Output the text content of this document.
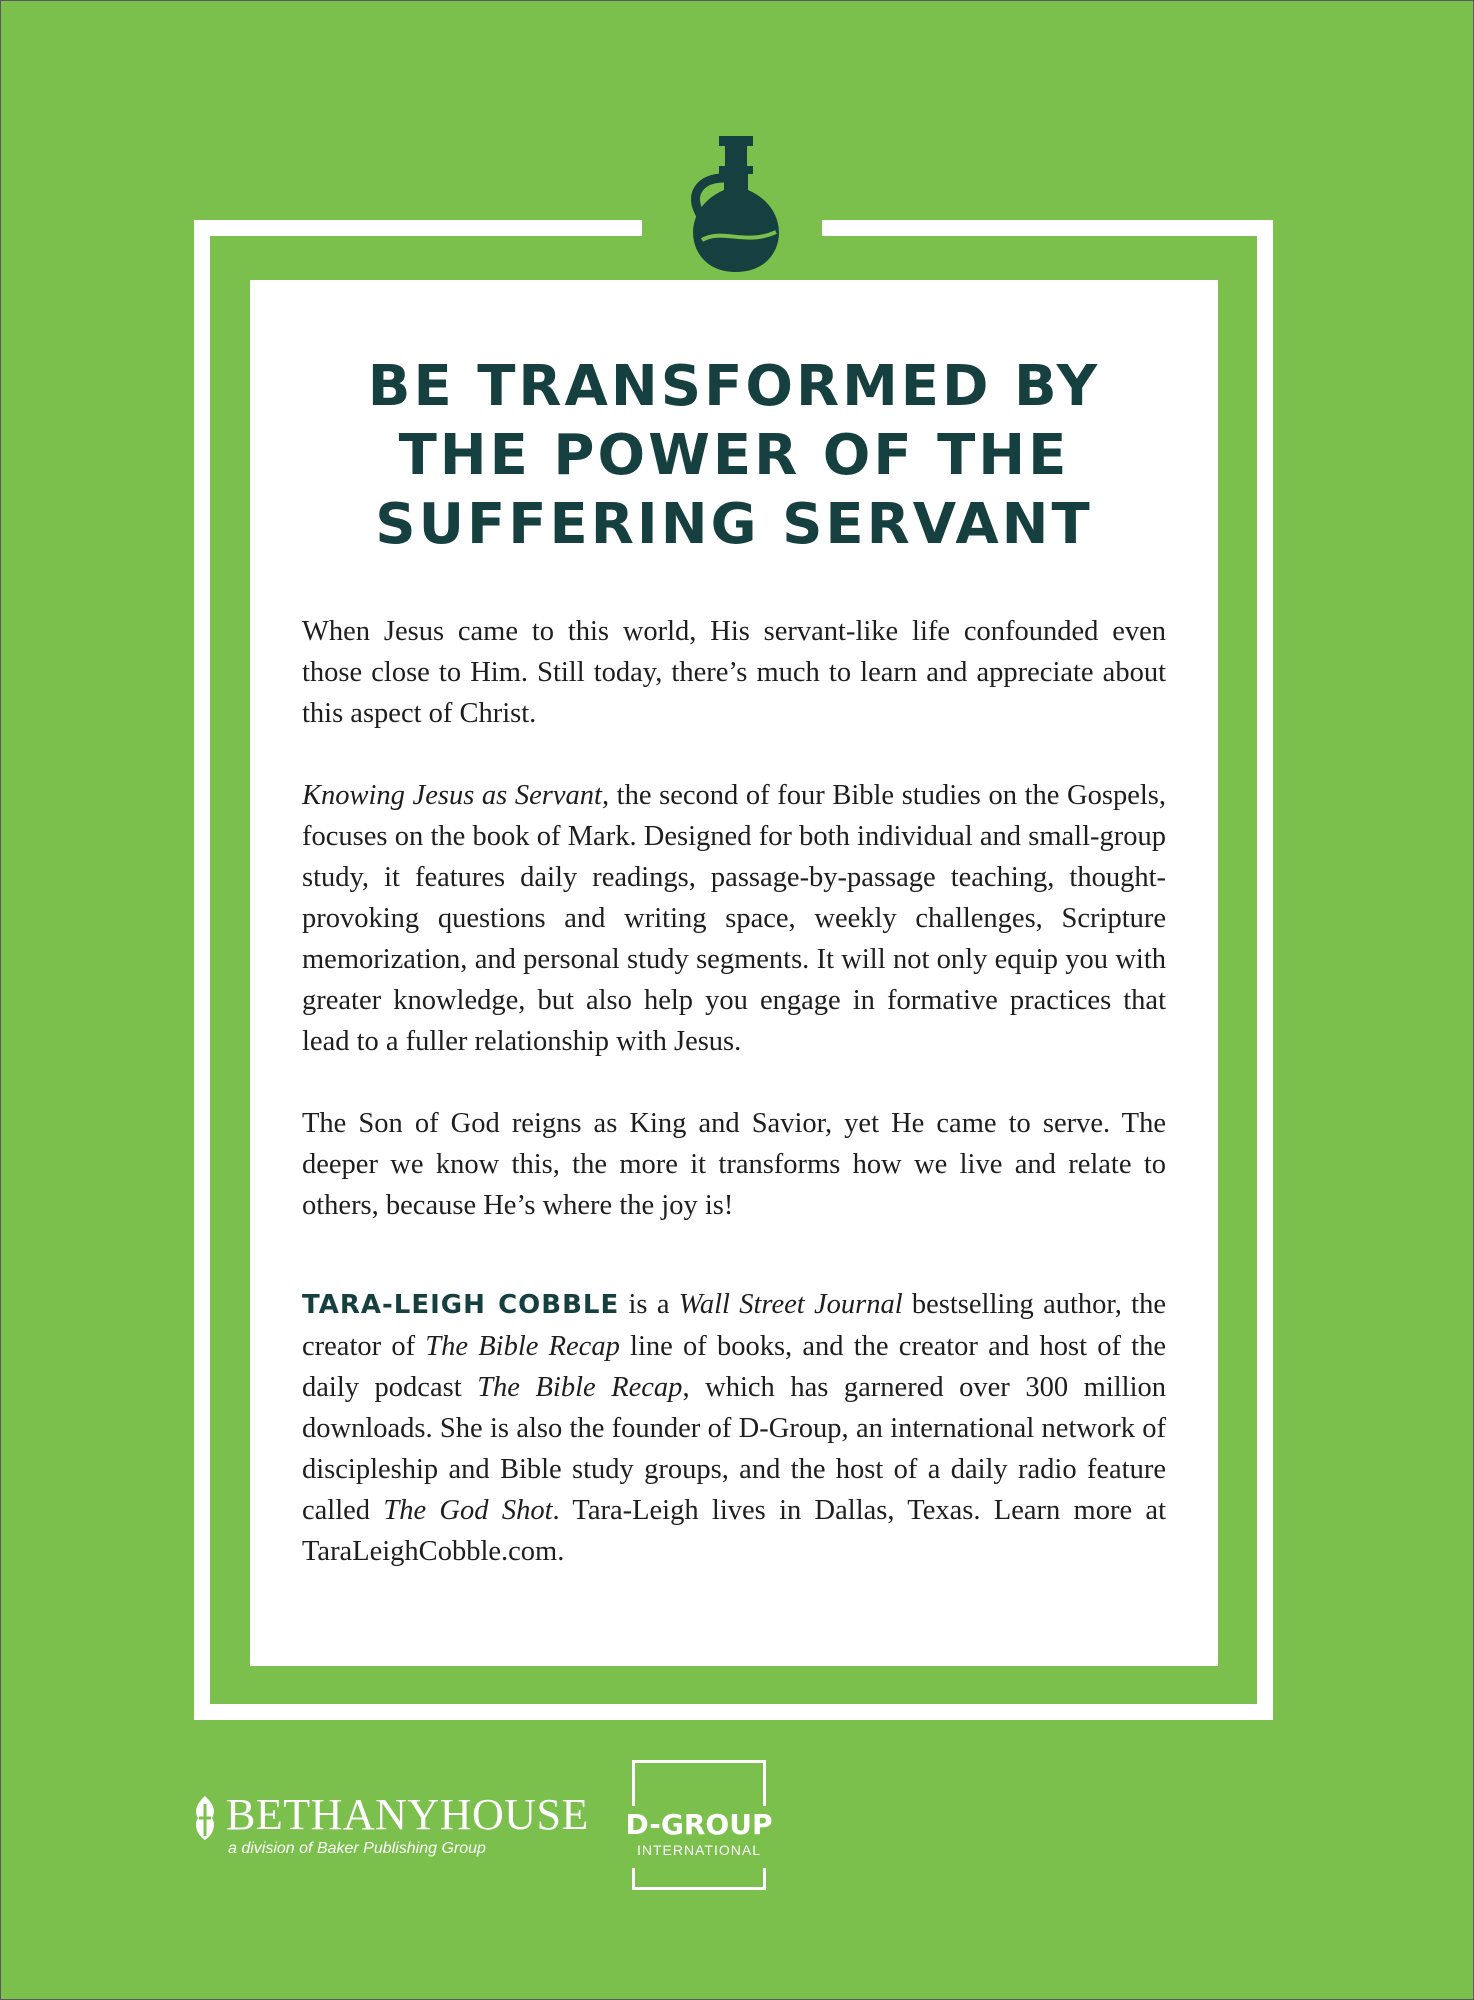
BE TRANSFORMED BY
THE POWER OF THE
SUFFERING SERVANT

When Jesus came to this world, His servant-like life confounded even those close to Him. Still today, there’s much to learn and appreciate about this aspect of Christ.

Knowing Jesus as Servant, the second of four Bible studies on the Gospels, focuses on the book of Mark. Designed for both individual and small-group study, it features daily readings, passage-by-passage teaching, thought-provoking questions and writing space, weekly challenges, Scripture memorization, and personal study segments. It will not only equip you with greater knowledge, but also help you engage in formative practices that lead to a fuller relationship with Jesus.

The Son of God reigns as King and Savior, yet He came to serve. The deeper we know this, the more it transforms how we live and relate to others, because He’s where the joy is!

TARA-LEIGH COBBLE is a Wall Street Journal bestselling author, the creator of The Bible Recap line of books, and the creator and host of the daily podcast The Bible Recap, which has garnered over 300 million downloads. She is also the founder of D-Group, an international network of discipleship and Bible study groups, and the host of a daily radio feature called The God Shot. Tara-Leigh lives in Dallas, Texas. Learn more at TaraLeighCobble.com.

BETHANYHOUSE
a division of Baker Publishing Group
D-GROUP
INTERNATIONAL
